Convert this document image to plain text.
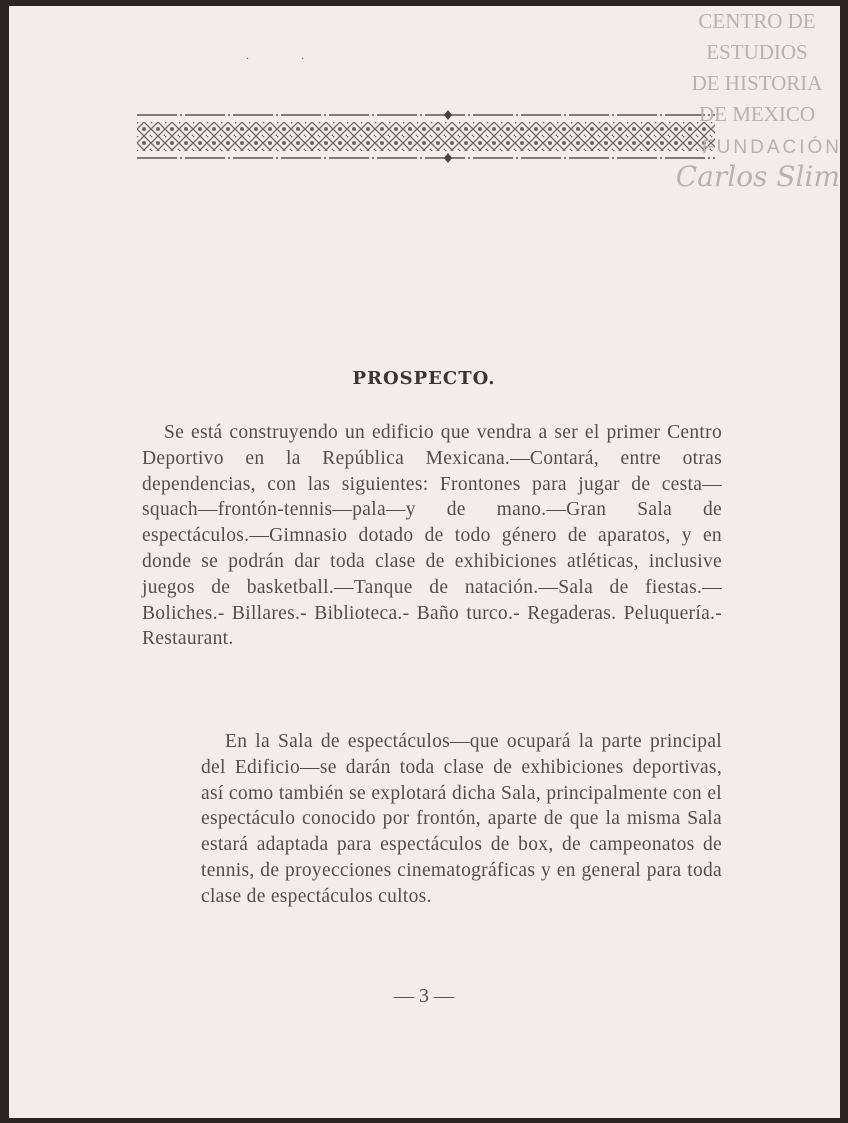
··
CENTRO DE
ESTUDIOS
DE HISTORIA
DE MEXICO
FUNDACIÓN
Carlos Slim
PROSPECTO.
Se está construyendo un edificio que vendra a ser el primer Centro Deportivo en la República Mexicana.—Contará, entre otras dependencias, con las siguientes: Frontones para jugar de cesta—squach—frontón-tennis—pala—y de mano.—Gran Sala de espectáculos.—Gimnasio dotado de todo género de aparatos, y en donde se podrán dar toda clase de exhibiciones atléticas, inclusive juegos de basketball.—Tanque de natación.—Sala de fiestas.—Boliches.- Billares.- Biblioteca.- Baño turco.- Regaderas. Peluquería.- Restaurant.
En la Sala de espectáculos—que ocupará la parte principal del Edificio—se darán toda clase de exhibiciones deportivas, así como también se explotará dicha Sala, principalmente con el espectáculo conocido por frontón, aparte de que la misma Sala estará adaptada para espectáculos de box, de campeonatos de tennis, de proyecciones cinematográficas y en general para toda clase de espectáculos cultos.
— 3 —
